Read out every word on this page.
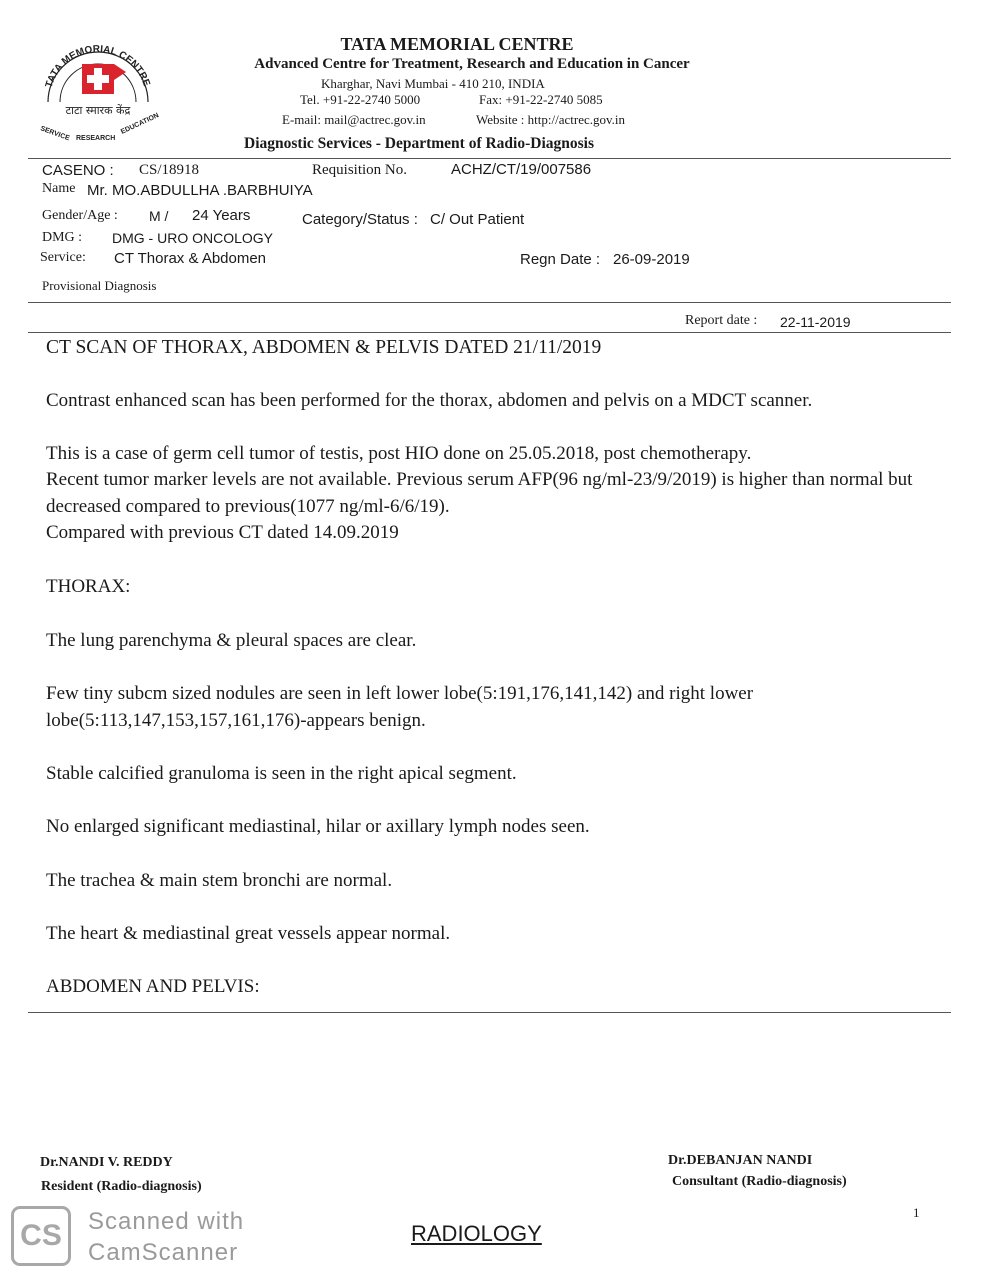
TATA MEMORIAL CENTRE
टाटा स्मारक केंद्र
SERVICE RESEARCH
EDUCATION
TATA MEMORIAL CENTRE
Advanced Centre for Treatment, Research and Education in Cancer
Kharghar, Navi Mumbai - 410 210, INDIA
Tel. +91-22-2740 5000	Fax: +91-22-2740 5085
E-mail: mail@actrec.gov.in	Website : http://actrec.gov.in
Diagnostic Services - Department of Radio-Diagnosis
CASENO : CS/18918	Requisition No.	ACHZ/CT/19/007586
Name Mr. MO.ABDULLHA .BARBHUIYA
Gender/Age : M / 24 Years	Category/Status : C/ Out Patient
DMG : DMG - URO ONCOLOGY
Service: CT Thorax & Abdomen	Regn Date : 26-09-2019
Provisional Diagnosis
Report date : 22-11-2019
CT SCAN OF THORAX, ABDOMEN & PELVIS DATED 21/11/2019
Contrast enhanced scan has been performed for the thorax, abdomen and pelvis on a MDCT scanner.
This is a case of germ cell tumor of testis, post HIO done on 25.05.2018, post chemotherapy.
Recent tumor marker levels are not available. Previous serum AFP(96 ng/ml-23/9/2019) is higher than normal but decreased compared to previous(1077 ng/ml-6/6/19).
Compared with previous CT dated 14.09.2019
THORAX:
The lung parenchyma & pleural spaces are clear.
Few tiny subcm sized nodules are seen in left lower lobe(5:191,176,141,142) and right lower lobe(5:113,147,153,157,161,176)-appears benign.
Stable calcified granuloma is seen in the right apical segment.
No enlarged significant mediastinal, hilar or axillary lymph nodes seen.
The trachea & main stem bronchi are normal.
The heart & mediastinal great vessels appear normal.
ABDOMEN AND PELVIS:
Dr.NANDI V. REDDY
Resident (Radio-diagnosis)
Dr.DEBANJAN NANDI
Consultant (Radio-diagnosis)
1
CS Scanned with
CamScanner
RADIOLOGY
